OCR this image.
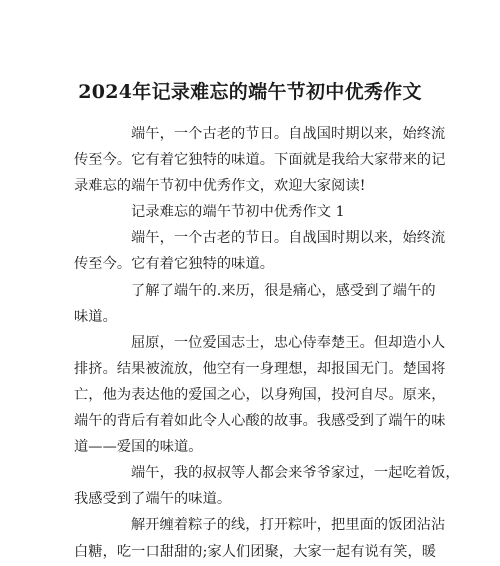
2024年记录难忘的端午节初中优秀作文
端午，一个古老的节日。自战国时期以来，始终流
传至今。它有着它独特的味道。下面就是我给大家带来的记
录难忘的端午节初中优秀作文，欢迎大家阅读!
记录难忘的端午节初中优秀作文 1
端午，一个古老的节日。自战国时期以来，始终流
传至今。它有着它独特的味道。
了解了端午的.来历，很是痛心，感受到了端午的
味道。
屈原，一位爱国志士，忠心侍奉楚王。但却造小人
排挤。结果被流放，他空有一身理想，却报国无门。楚国将
亡，他为表达他的爱国之心，以身殉国，投河自尽。原来，
端午的背后有着如此令人心酸的故事。我感受到了端午的味
道——爱国的味道。
端午，我的叔叔等人都会来爷爷家过，一起吃着饭，
我感受到了端午的味道。
解开缠着粽子的线，打开粽叶，把里面的饭团沾沾
白糖，吃一口甜甜的;家人们团聚，大家一起有说有笑，暖
